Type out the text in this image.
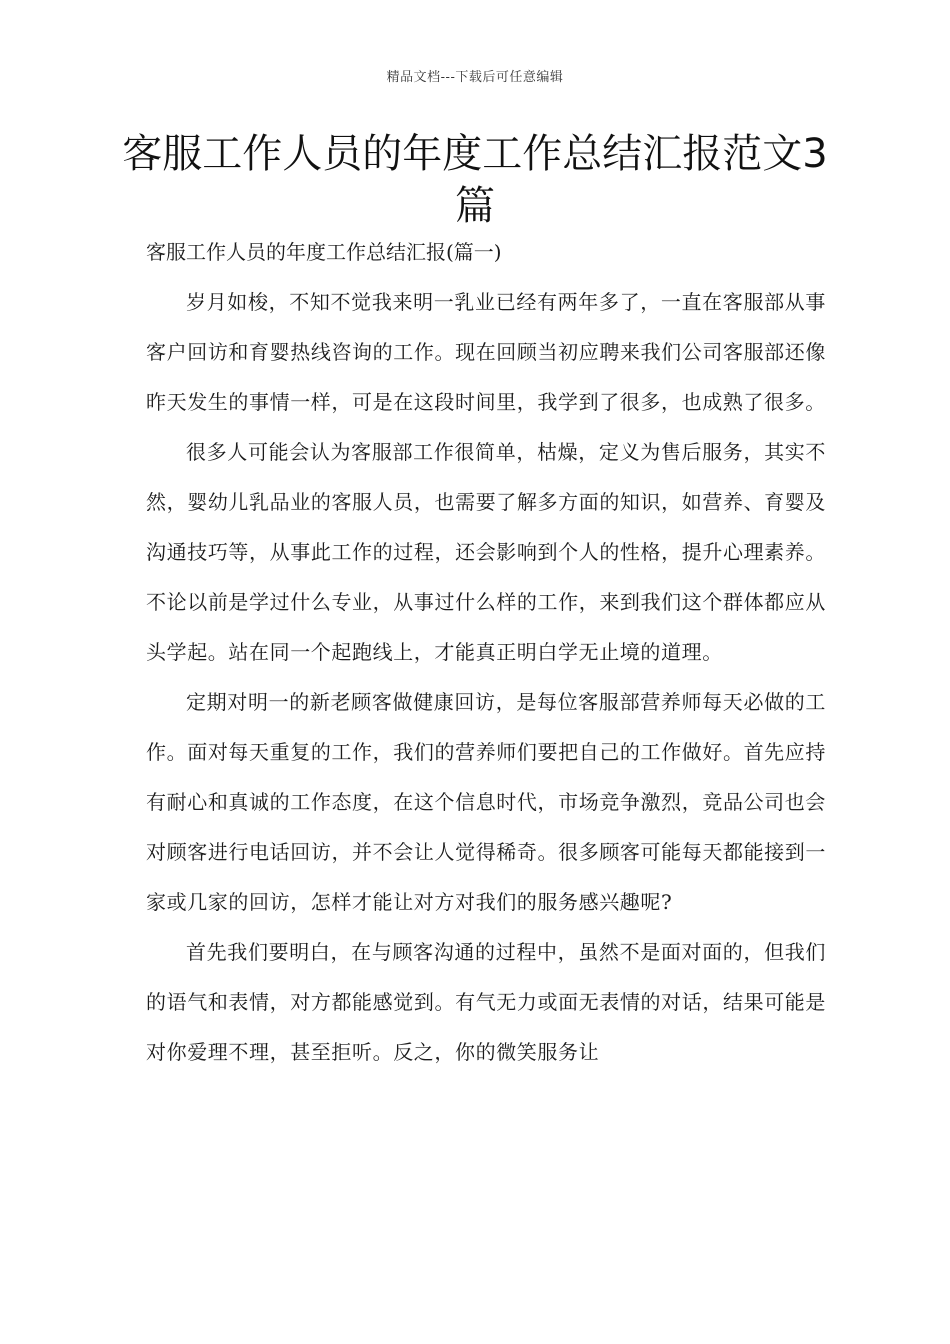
精品文档---下载后可任意编辑
客服工作人员的年度工作总结汇报范文3篇
客服工作人员的年度工作总结汇报(篇一)

岁月如梭，不知不觉我来明一乳业已经有两年多了，一直在客服部从事客户回访和育婴热线咨询的工作。现在回顾当初应聘来我们公司客服部还像昨天发生的事情一样，可是在这段时间里，我学到了很多，也成熟了很多。

很多人可能会认为客服部工作很简单，枯燥，定义为售后服务，其实不然，婴幼儿乳品业的客服人员，也需要了解多方面的知识，如营养、育婴及沟通技巧等，从事此工作的过程，还会影响到个人的性格，提升心理素养。不论以前是学过什么专业，从事过什么样的工作，来到我们这个群体都应从头学起。站在同一个起跑线上，才能真正明白学无止境的道理。

定期对明一的新老顾客做健康回访，是每位客服部营养师每天必做的工作。面对每天重复的工作，我们的营养师们要把自己的工作做好。首先应持有耐心和真诚的工作态度，在这个信息时代，市场竞争激烈，竞品公司也会对顾客进行电话回访，并不会让人觉得稀奇。很多顾客可能每天都能接到一家或几家的回访，怎样才能让对方对我们的服务感兴趣呢?

首先我们要明白，在与顾客沟通的过程中，虽然不是面对面的，但我们的语气和表情，对方都能感觉到。有气无力或面无表情的对话，结果可能是对你爱理不理，甚至拒听。反之，你的微笑服务让
